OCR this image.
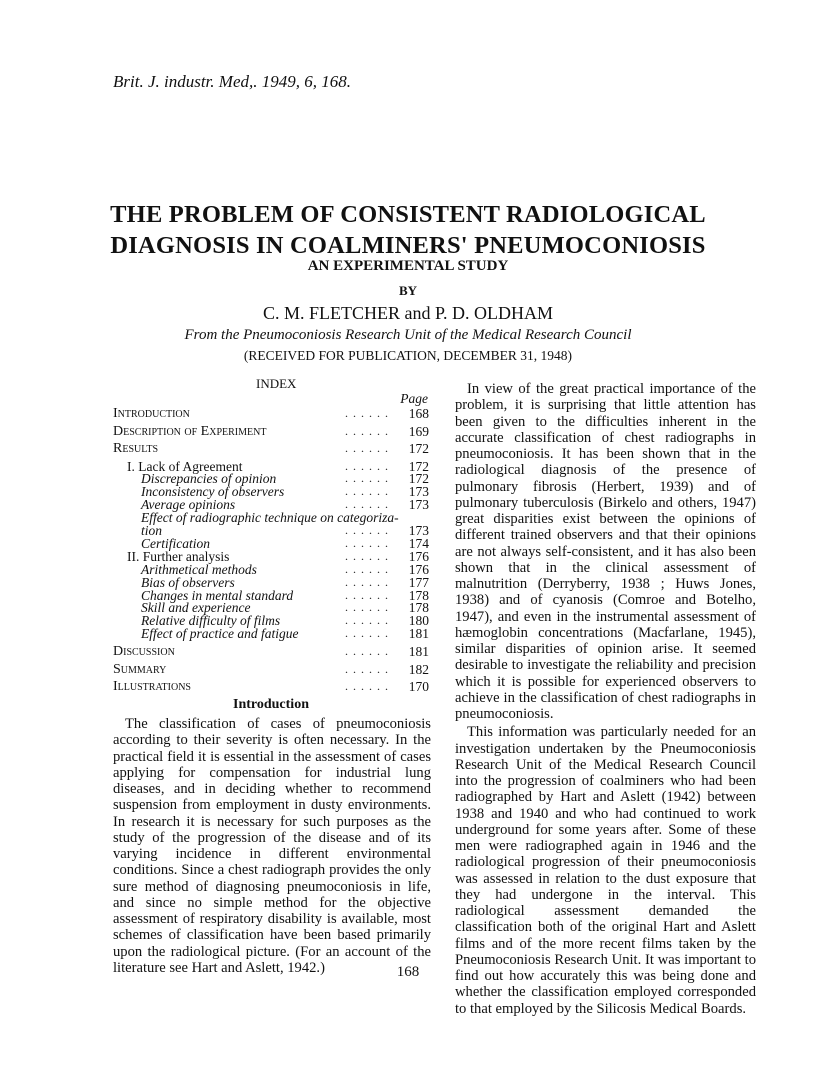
Brit. J. industr. Med,. 1949, 6, 168.
THE PROBLEM OF CONSISTENT RADIOLOGICAL
DIAGNOSIS IN COALMINERS' PNEUMOCONIOSIS
AN EXPERIMENTAL STUDY
BY
C. M. FLETCHER and P. D. OLDHAM
From the Pneumoconiosis Research Unit of the Medical Research Council
(RECEIVED FOR PUBLICATION, DECEMBER 31, 1948)
INDEX
Page
Introduction	. . . . . .	168
Description of Experiment	. . . . . .	169
Results	. . . . . .	172
I. Lack of Agreement	. . . . . .	172
Discrepancies of opinion	. . . . . .	172
Inconsistency of observers	. . . . . .	173
Average opinions	. . . . . .	173
Effect of radiographic technique on categoriza-
tion	. . . . . .	173
Certification	. . . . . .	174
II. Further analysis	. . . . . .	176
Arithmetical methods	. . . . . .	176
Bias of observers	. . . . . .	177
Changes in mental standard	. . . . . .	178
Skill and experience	. . . . . .	178
Relative difficulty of films	. . . . . .	180
Effect of practice and fatigue	. . . . . .	181
Discussion	. . . . . .	181
Summary	. . . . . .	182
Illustrations	. . . . . .	170
Introduction

The classification of cases of pneumoconiosis according to their severity is often necessary. In the practical field it is essential in the assessment of cases applying for compensation for industrial lung diseases, and in deciding whether to recommend suspension from employment in dusty environments. In research it is necessary for such purposes as the study of the progression of the disease and of its varying incidence in different environmental conditions. Since a chest radiograph provides the only sure method of diagnosing pneumoconiosis in life, and since no simple method for the objective assessment of respiratory disability is available, most schemes of classification have been based primarily upon the radiological picture. (For an account of the literature see Hart and Aslett, 1942.)

In view of the great practical importance of the problem, it is surprising that little attention has been given to the difficulties inherent in the accurate classification of chest radiographs in pneumoconiosis. It has been shown that in the radiological diagnosis of the presence of pulmonary fibrosis (Herbert, 1939) and of pulmonary tuberculosis (Birkelo and others, 1947) great disparities exist between the opinions of different trained observers and that their opinions are not always self-consistent, and it has also been shown that in the clinical assessment of malnutrition (Derryberry, 1938 ; Huws Jones, 1938) and of cyanosis (Comroe and Botelho, 1947), and even in the instrumental assessment of hæmoglobin concentrations (Macfarlane, 1945), similar disparities of opinion arise. It seemed desirable to investigate the reliability and precision which it is possible for experienced observers to achieve in the classification of chest radiographs in pneumoconiosis.

This information was particularly needed for an investigation undertaken by the Pneumoconiosis Research Unit of the Medical Research Council into the progression of coalminers who had been radiographed by Hart and Aslett (1942) between 1938 and 1940 and who had continued to work underground for some years after. Some of these men were radiographed again in 1946 and the radiological progression of their pneumoconiosis was assessed in relation to the dust exposure that they had undergone in the interval. This radiological assessment demanded the classification both of the original Hart and Aslett films and of the more recent films taken by the Pneumoconiosis Research Unit. It was important to find out how accurately this was being done and whether the classification employed corresponded to that employed by the Silicosis Medical Boards.

168
